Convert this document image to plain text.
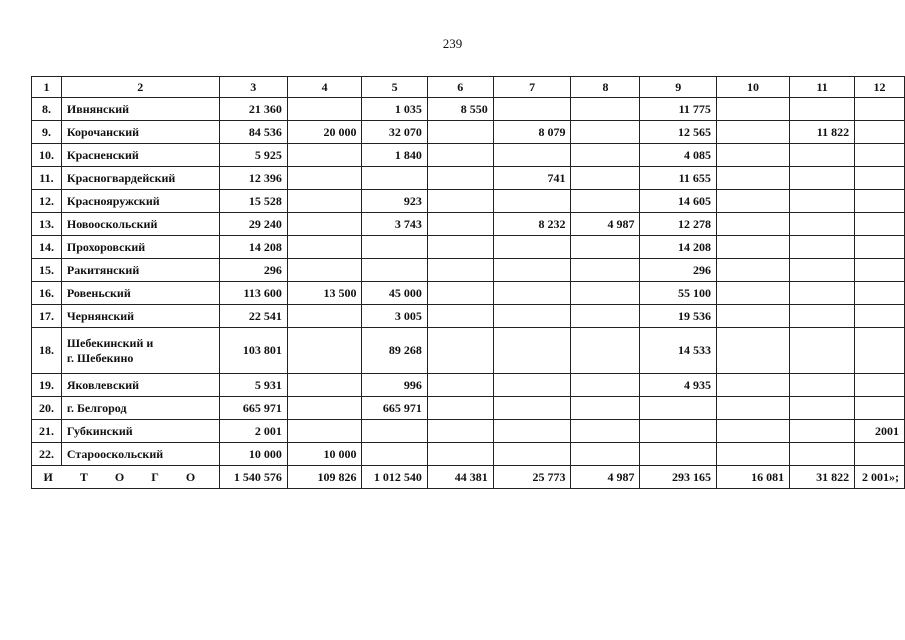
239
1	2	3	4	5	6	7	8	9	10	11	12
8.	Ивнянский	21 360		1 035	8 550			11 775			
9.	Корочанский	84 536	20 000	32 070		8 079		12 565		11 822	
10.	Красненский	5 925		1 840				4 085			
11.	Красногвардейский	12 396				741		11 655			
12.	Краснояружский	15 528		923				14 605			
13.	Новооскольский	29 240		3 743		8 232	4 987	12 278			
14.	Прохоровский	14 208						14 208			
15.	Ракитянский	296						296			
16.	Ровеньский	113 600	13 500	45 000				55 100			
17.	Чернянский	22 541		3 005				19 536			
18.	Шебекинский и
г. Шебекино	103 801		89 268				14 533			
19.	Яковлевский	5 931		996				4 935			
20.	г. Белгород	665 971		665 971							
21.	Губкинский	2 001									2001
22.	Старооскольский	10 000	10 000								
И Т О Г О		1 540 576	109 826	1 012 540	44 381	25 773	4 987	293 165	16 081	31 822	2 001»;
